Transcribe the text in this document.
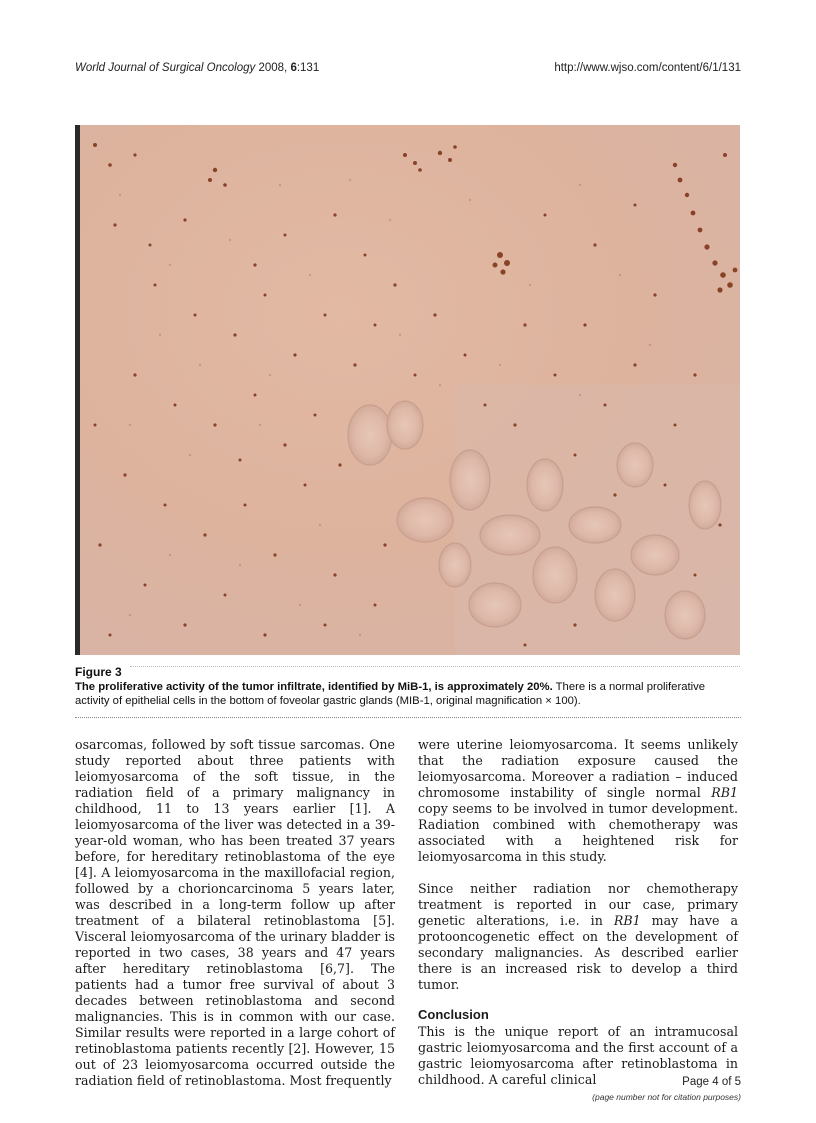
World Journal of Surgical Oncology 2008, 6:131	http://www.wjso.com/content/6/1/131
Figure 3
The proliferative activity of the tumor infiltrate, identified by MiB-1, is approximately 20%. There is a normal proliferative activity of epithelial cells in the bottom of foveolar gastric glands (MIB-1, original magnification × 100).

osarcomas, followed by soft tissue sarcomas. One study reported about three patients with leiomyosarcoma of the soft tissue, in the radiation field of a primary malignancy in childhood, 11 to 13 years earlier [1]. A leiomyosarcoma of the liver was detected in a 39-year-old woman, who has been treated 37 years before, for hereditary retinoblastoma of the eye [4]. A leiomyosarcoma in the maxillofacial region, followed by a chorioncarcinoma 5 years later, was described in a long-term follow up after treatment of a bilateral retinoblastoma [5]. Visceral leiomyosarcoma of the urinary bladder is reported in two cases, 38 years and 47 years after hereditary retinoblastoma [6,7]. The patients had a tumor free survival of about 3 decades between retinoblastoma and second malignancies. This is in common with our case. Similar results were reported in a large cohort of retinoblastoma patients recently [2]. However, 15 out of 23 leiomyosarcoma occurred outside the radiation field of retinoblastoma. Most frequently

were uterine leiomyosarcoma. It seems unlikely that the radiation exposure caused the leiomyosarcoma. Moreover a radiation – induced chromosome instability of single normal RB1 copy seems to be involved in tumor development. Radiation combined with chemotherapy was associated with a heightened risk for leiomyosarcoma in this study.

Since neither radiation nor chemotherapy treatment is reported in our case, primary genetic alterations, i.e. in RB1 may have a protooncogenetic effect on the development of secondary malignancies. As described earlier there is an increased risk to develop a third tumor.

Conclusion

This is the unique report of an intramucosal gastric leiomyosarcoma and the first account of a gastric leiomyosarcoma after retinoblastoma in childhood. A careful clinical	Page 4 of 5
(page number not for citation purposes)
